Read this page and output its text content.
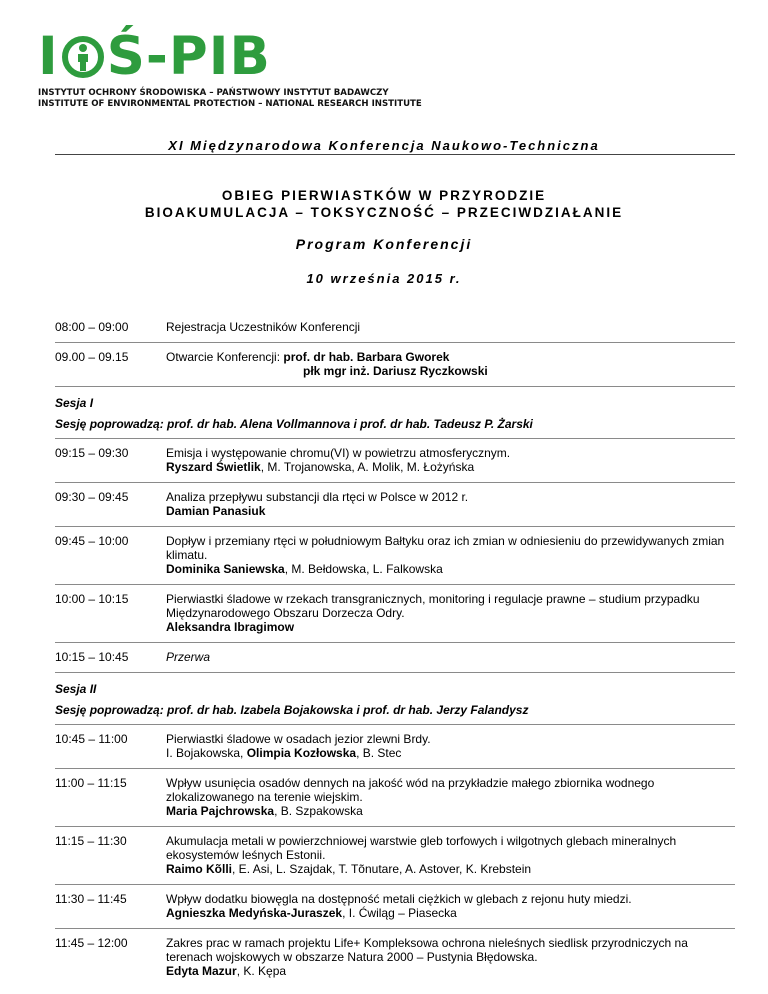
I Ś-PIB
INSTYTUT OCHRONY ŚRODOWISKA – PAŃSTWOWY INSTYTUT BADAWCZY
INSTITUTE OF ENVIRONMENTAL PROTECTION – NATIONAL RESEARCH INSTITUTE
XI Międzynarodowa Konferencja Naukowo-Techniczna
OBIEG PIERWIASTKÓW W PRZYRODZIE
BIOAKUMULACJA – TOKSYCZNOŚĆ – PRZECIWDZIAŁANIE
Program Konferencji
10 września 2015 r.
08:00 – 09:00	Rejestracja Uczestników Konferencji
09.00 – 09.15	Otwarcie Konferencji: prof. dr hab. Barbara Gworek
płk mgr inż. Dariusz Ryczkowski
Sesja I
Sesję poprowadzą: prof. dr hab. Alena Vollmannova i prof. dr hab. Tadeusz P. Żarski
09:15 – 09:30	Emisja i występowanie chromu(VI) w powietrzu atmosferycznym.
Ryszard Świetlik, M. Trojanowska, A. Molik, M. Łożyńska
09:30 – 09:45	Analiza przepływu substancji dla rtęci w Polsce w 2012 r.
Damian Panasiuk
09:45 – 10:00	Dopływ i przemiany rtęci w południowym Bałtyku oraz ich zmian w odniesieniu do przewidywanych zmian klimatu.
Dominika Saniewska, M. Bełdowska, L. Falkowska
10:00 – 10:15	Pierwiastki śladowe w rzekach transgranicznych, monitoring i regulacje prawne – studium przypadku Międzynarodowego Obszaru Dorzecza Odry.
Aleksandra Ibragimow
10:15 – 10:45	Przerwa
Sesja II
Sesję poprowadzą: prof. dr hab. Izabela Bojakowska i prof. dr hab. Jerzy Falandysz
10:45 – 11:00	Pierwiastki śladowe w osadach jezior zlewni Brdy.
I. Bojakowska, Olimpia Kozłowska, B. Stec
11:00 – 11:15	Wpływ usunięcia osadów dennych na jakość wód na przykładzie małego zbiornika wodnego zlokalizowanego na terenie wiejskim.
Maria Pajchrowska, B. Szpakowska
11:15 – 11:30	Akumulacja metali w powierzchniowej warstwie gleb torfowych i wilgotnych glebach mineralnych ekosystemów leśnych Estonii.
Raimo Kõlli, E. Asi, L. Szajdak, T. Tõnutare, A. Astover, K. Krebstein
11:30 – 11:45	Wpływ dodatku biowęgla na dostępność metali ciężkich w glebach z rejonu huty miedzi.
Agnieszka Medyńska-Juraszek, I. Ćwiląg – Piasecka
11:45 – 12:00	Zakres prac w ramach projektu Life+ Kompleksowa ochrona nieleśnych siedlisk przyrodniczych na terenach wojskowych w obszarze Natura 2000 – Pustynia Błędowska.
Edyta Mazur, K. Kępa
